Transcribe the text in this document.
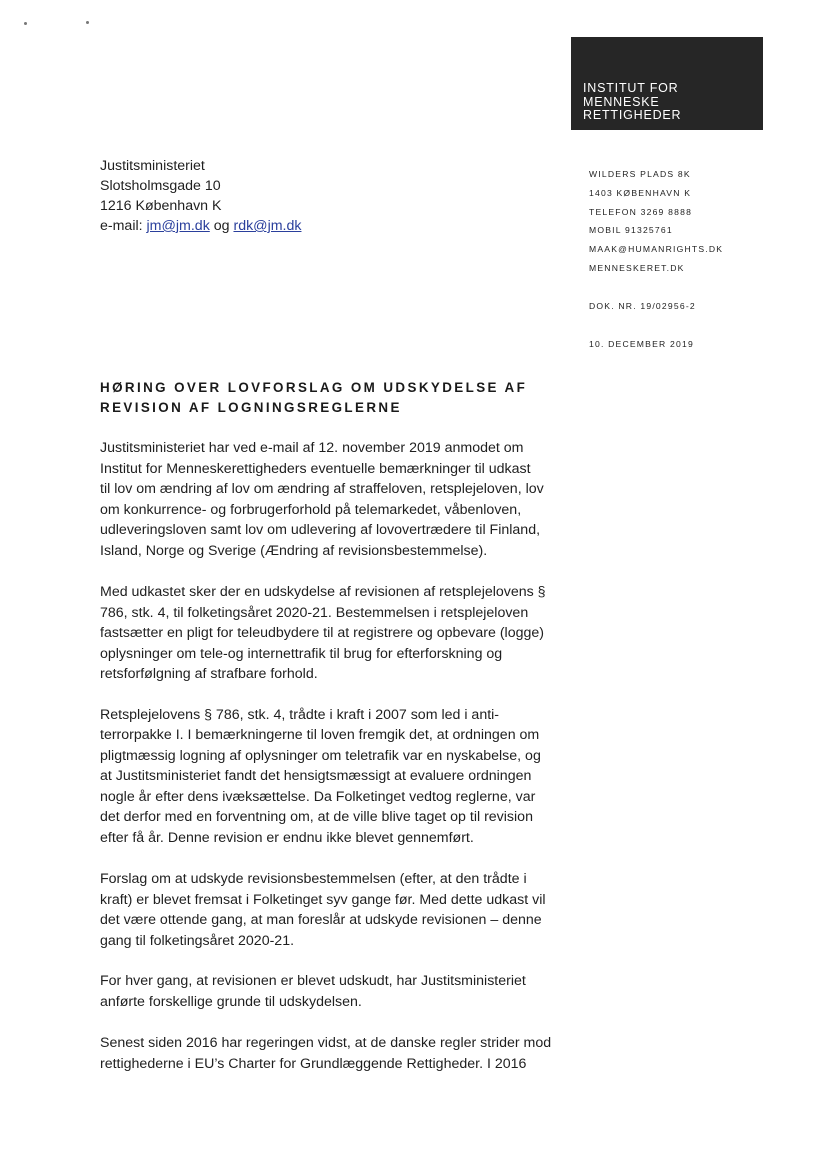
INSTITUT FOR
MENNESKE
RETTIGHEDER
Justitsministeriet
Slotsholmsgade 10
1216 København K
e-mail: jm@jm.dk og rdk@jm.dk
WILDERS PLADS 8K
1403 KØBENHAVN K
TELEFON 3269 8888
MOBIL 91325761
MAAK@HUMANRIGHTS.DK
MENNESKERET.DK
DOK. NR. 19/02956-2
10. DECEMBER 2019
HØRING OVER LOVFORSLAG OM UDSKYDELSE AF
REVISION AF LOGNINGSREGLERNE

Justitsministeriet har ved e-mail af 12. november 2019 anmodet om
Institut for Menneskerettigheders eventuelle bemærkninger til udkast
til lov om ændring af lov om ændring af straffeloven, retsplejeloven, lov
om konkurrence- og forbrugerforhold på telemarkedet, våbenloven,
udleveringsloven samt lov om udlevering af lovovertrædere til Finland,
Island, Norge og Sverige (Ændring af revisionsbestemmelse).

Med udkastet sker der en udskydelse af revisionen af retsplejelovens §
786, stk. 4, til folketingsåret 2020-21. Bestemmelsen i retsplejeloven
fastsætter en pligt for teleudbydere til at registrere og opbevare (logge)
oplysninger om tele-og internettrafik til brug for efterforskning og
retsforfølgning af strafbare forhold.

Retsplejelovens § 786, stk. 4, trådte i kraft i 2007 som led i anti-
terrorpakke I. I bemærkningerne til loven fremgik det, at ordningen om
pligtmæssig logning af oplysninger om teletrafik var en nyskabelse, og
at Justitsministeriet fandt det hensigtsmæssigt at evaluere ordningen
nogle år efter dens ivæksættelse. Da Folketinget vedtog reglerne, var
det derfor med en forventning om, at de ville blive taget op til revision
efter få år. Denne revision er endnu ikke blevet gennemført.

Forslag om at udskyde revisionsbestemmelsen (efter, at den trådte i
kraft) er blevet fremsat i Folketinget syv gange før. Med dette udkast vil
det være ottende gang, at man foreslår at udskyde revisionen – denne
gang til folketingsåret 2020-21.

For hver gang, at revisionen er blevet udskudt, har Justitsministeriet
anførte forskellige grunde til udskydelsen.

Senest siden 2016 har regeringen vidst, at de danske regler strider mod
rettighederne i EU’s Charter for Grundlæggende Rettigheder. I 2016
